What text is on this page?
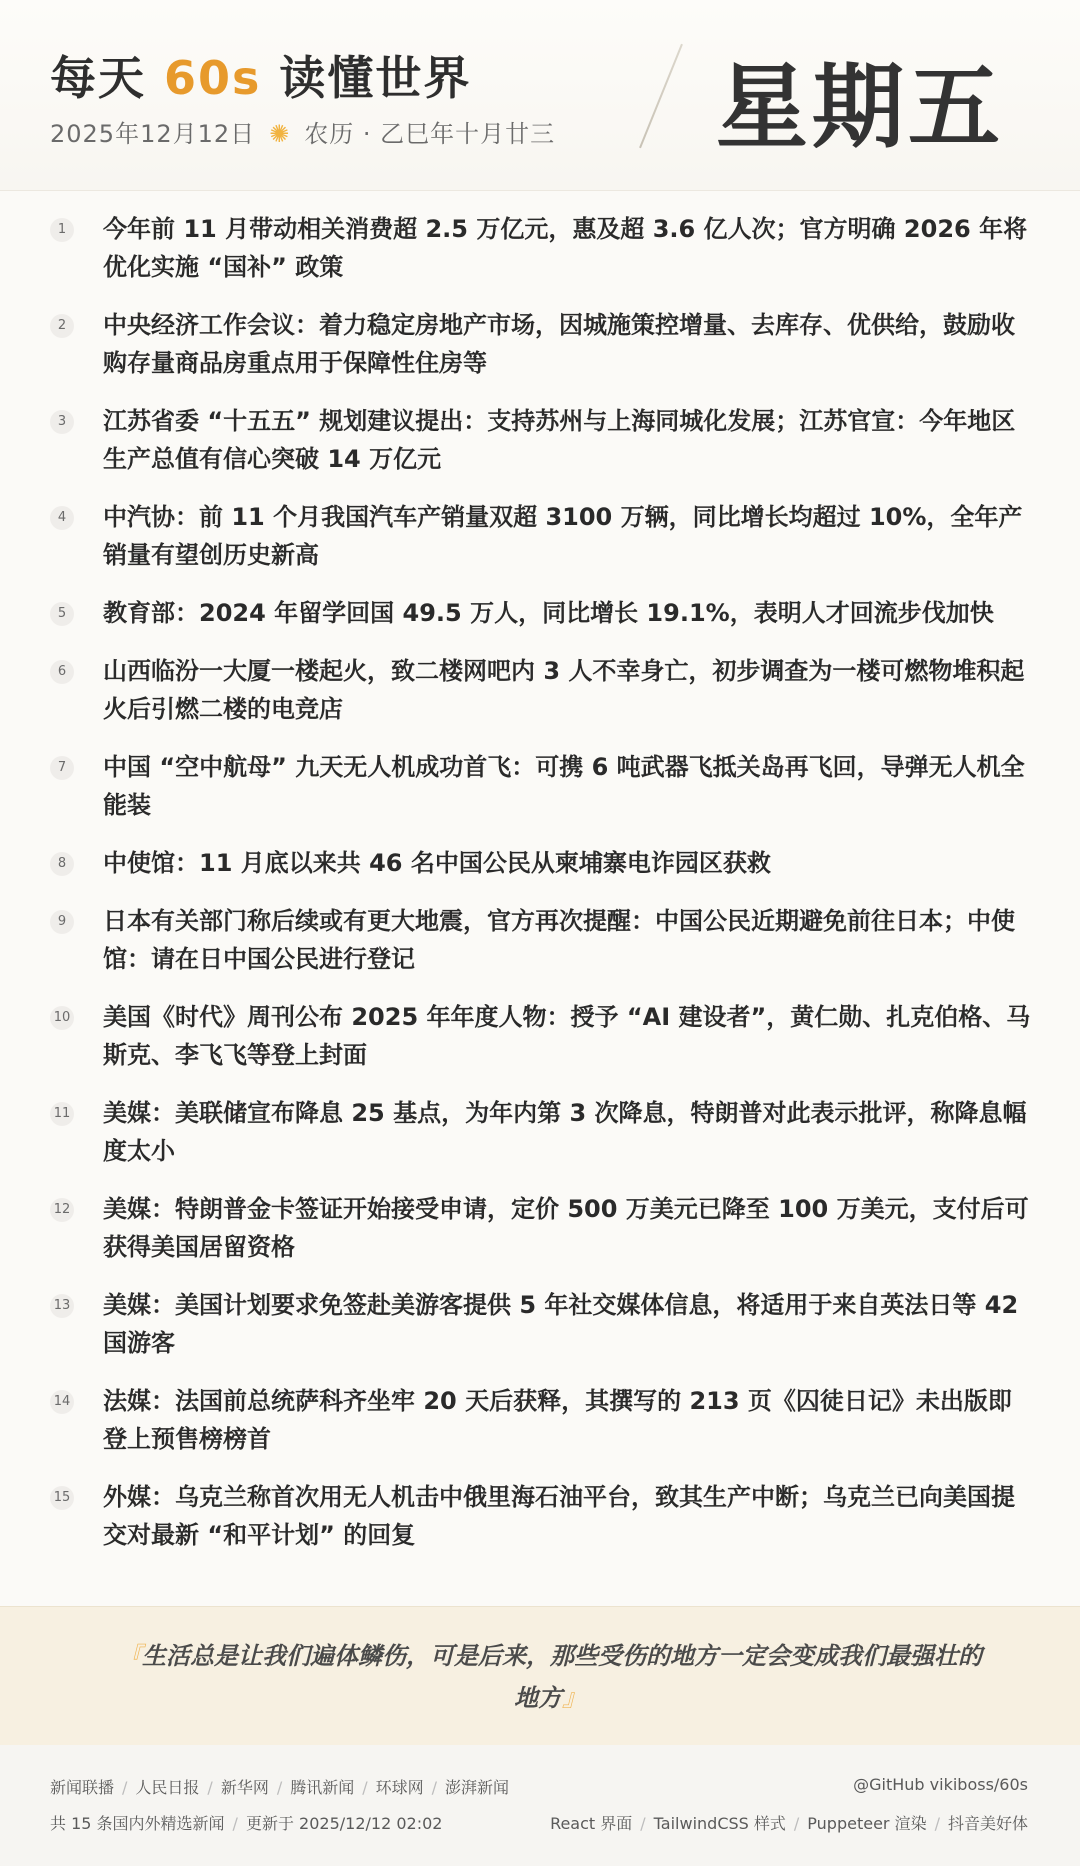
每天 60s 读懂世界
2025年12月12日 ✺ 农历 · 乙巳年十月廿三 星期五
1	今年前 11 月带动相关消费超 2.5 万亿元，惠及超 3.6 亿人次；官方明确 2026 年将优化实施 “国补” 政策
2	中央经济工作会议：着力稳定房地产市场，因城施策控增量、去库存、优供给，鼓励收购存量商品房重点用于保障性住房等
3	江苏省委 “十五五” 规划建议提出：支持苏州与上海同城化发展；江苏官宣：今年地区生产总值有信心突破 14 万亿元
4	中汽协：前 11 个月我国汽车产销量双超 3100 万辆，同比增长均超过 10%，全年产销量有望创历史新高
5	教育部：2024 年留学回国 49.5 万人，同比增长 19.1%，表明人才回流步伐加快
6	山西临汾一大厦一楼起火，致二楼网吧内 3 人不幸身亡，初步调查为一楼可燃物堆积起火后引燃二楼的电竞店
7	中国 “空中航母” 九天无人机成功首飞：可携 6 吨武器飞抵关岛再飞回，导弹无人机全能装
8	中使馆：11 月底以来共 46 名中国公民从柬埔寨电诈园区获救
9	日本有关部门称后续或有更大地震，官方再次提醒：中国公民近期避免前往日本；中使馆：请在日中国公民进行登记
10 美国《时代》周刊公布 2025 年年度人物：授予 “AI 建设者”，黄仁勋、扎克伯格、马斯克、李飞飞等登上封面
11 美媒：美联储宣布降息 25 基点，为年内第 3 次降息，特朗普对此表示批评，称降息幅度太小
12 美媒：特朗普金卡签证开始接受申请，定价 500 万美元已降至 100 万美元，支付后可获得美国居留资格
13 美媒：美国计划要求免签赴美游客提供 5 年社交媒体信息，将适用于来自英法日等 42 国游客
14 法媒：法国前总统萨科齐坐牢 20 天后获释，其撰写的 213 页《囚徒日记》未出版即登上预售榜榜首
15 外媒：乌克兰称首次用无人机击中俄里海石油平台，致其生产中断；乌克兰已向美国提交对最新 “和平计划” 的回复
『生活总是让我们遍体鳞伤，可是后来，那些受伤的地方一定会变成我们最强壮的地方』
新闻联播 / 人民日报 / 新华网 / 腾讯新闻 / 环球网 / 澎湃新闻
共 15 条国内外精选新闻 / 更新于 2025/12/12 02:02
@GitHub vikiboss/60s
React 界面 / TailwindCSS 样式 / Puppeteer 渲染 / 抖音美好体
